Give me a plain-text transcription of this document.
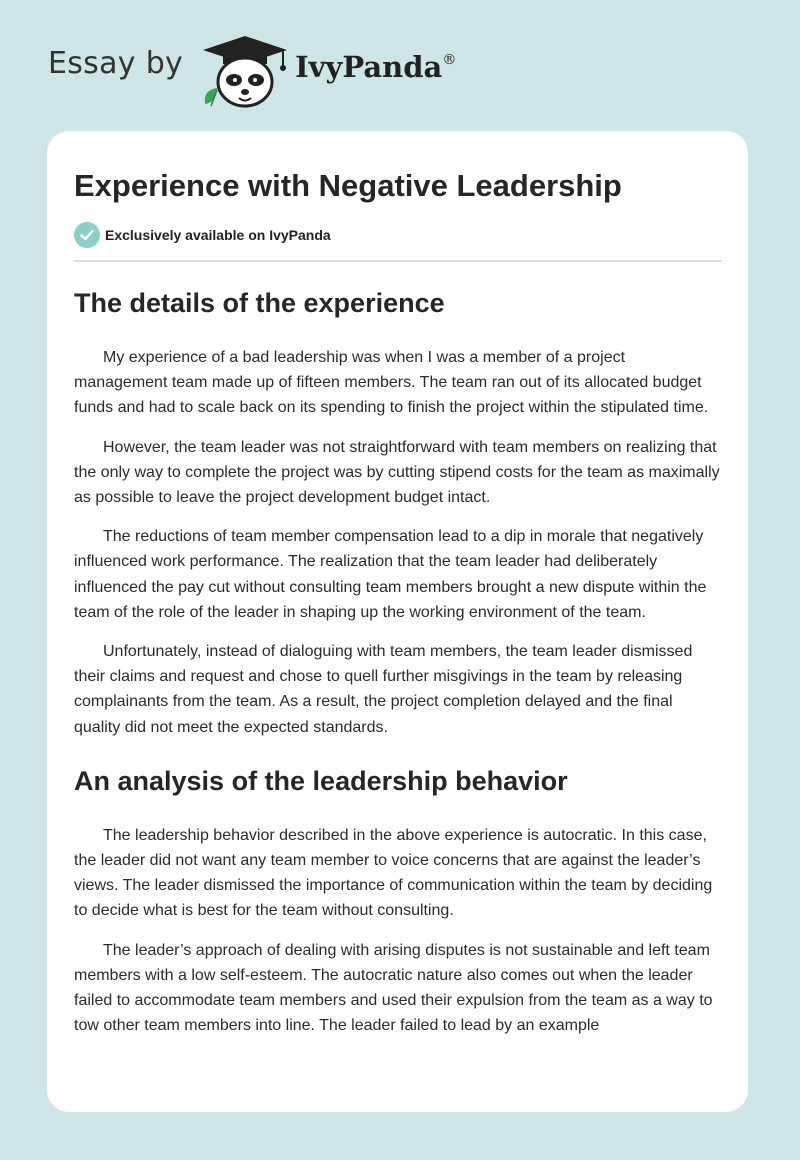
Essay by	IvyPanda®
Experience with Negative Leadership
Exclusively available on IvyPanda
The details of the experience

My experience of a bad leadership was when I was a member of a project management team made up of fifteen members. The team ran out of its allocated budget funds and had to scale back on its spending to finish the project within the stipulated time.

However, the team leader was not straightforward with team members on realizing that the only way to complete the project was by cutting stipend costs for the team as maximally as possible to leave the project development budget intact.

The reductions of team member compensation lead to a dip in morale that negatively influenced work performance. The realization that the team leader had deliberately influenced the pay cut without consulting team members brought a new dispute within the team of the role of the leader in shaping up the working environment of the team.

Unfortunately, instead of dialoguing with team members, the team leader dismissed their claims and request and chose to quell further misgivings in the team by releasing complainants from the team. As a result, the project completion delayed and the final quality did not meet the expected standards.

An analysis of the leadership behavior

The leadership behavior described in the above experience is autocratic. In this case, the leader did not want any team member to voice concerns that are against the leader’s views. The leader dismissed the importance of communication within the team by deciding to decide what is best for the team without consulting.

The leader’s approach of dealing with arising disputes is not sustainable and left team members with a low self-esteem. The autocratic nature also comes out when the leader failed to accommodate team members and used their expulsion from the team as a way to tow other team members into line. The leader failed to lead by an example
